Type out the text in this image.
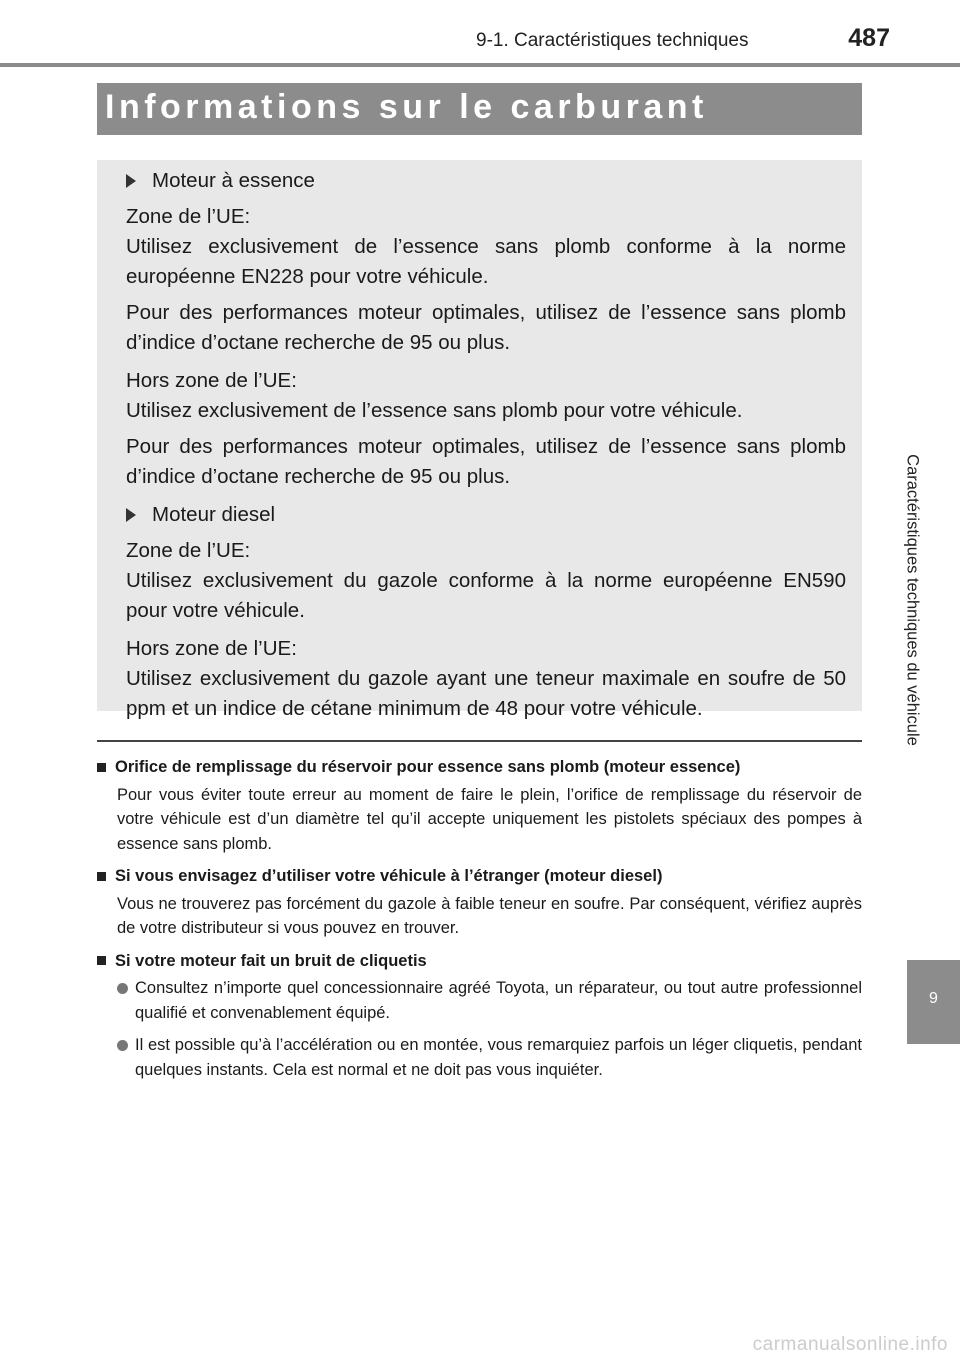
9-1. Caractéristiques techniques	487
Informations sur le carburant
Moteur à essence
Zone de l’UE:
Utilisez exclusivement de l’essence sans plomb conforme à la norme européenne EN228 pour votre véhicule.
Pour des performances moteur optimales, utilisez de l’essence sans plomb d’indice d’octane recherche de 95 ou plus.
Hors zone de l’UE:
Utilisez exclusivement de l’essence sans plomb pour votre véhicule.
Pour des performances moteur optimales, utilisez de l’essence sans plomb d’indice d’octane recherche de 95 ou plus.
Moteur diesel
Zone de l’UE:
Utilisez exclusivement du gazole conforme à la norme européenne EN590 pour votre véhicule.
Hors zone de l’UE:
Utilisez exclusivement du gazole ayant une teneur maximale en soufre de 50 ppm et un indice de cétane minimum de 48 pour votre véhicule.
Orifice de remplissage du réservoir pour essence sans plomb (moteur essence)
Pour vous éviter toute erreur au moment de faire le plein, l’orifice de remplissage du réservoir de votre véhicule est d’un diamètre tel qu’il accepte uniquement les pistolets spéciaux des pompes à essence sans plomb.
Si vous envisagez d’utiliser votre véhicule à l’étranger (moteur diesel)
Vous ne trouverez pas forcément du gazole à faible teneur en soufre. Par conséquent, vérifiez auprès de votre distributeur si vous pouvez en trouver.
Si votre moteur fait un bruit de cliquetis
Consultez n’importe quel concessionnaire agréé Toyota, un réparateur, ou tout autre professionnel qualifié et convenablement équipé.
Il est possible qu’à l’accélération ou en montée, vous remarquiez parfois un léger cliquetis, pendant quelques instants. Cela est normal et ne doit pas vous inquiéter.
Caractéristiques techniques du véhicule
9
carmanualsonline.info
